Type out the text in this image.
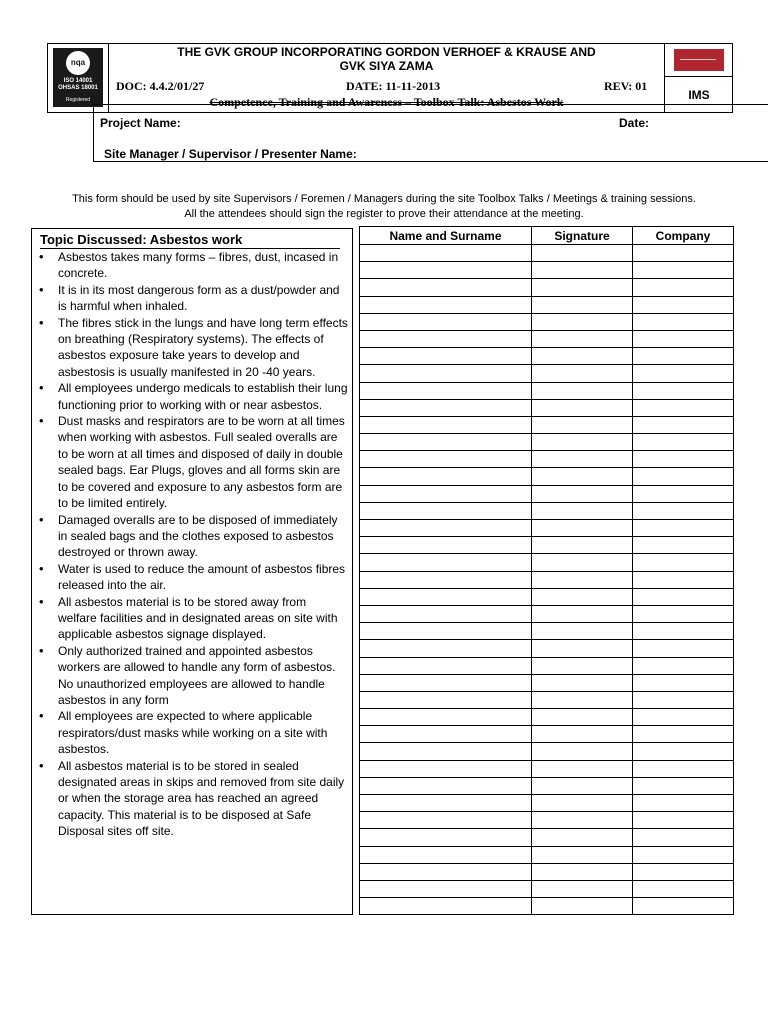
nqa
ISO 14001
OHSAS 18001
Registered
THE GVK GROUP INCORPORATING GORDON VERHOEF & KRAUSE AND
GVK SIYA ZAMA
IMS
DOC: 4.4.2/01/27	DATE: 11-11-2013	REV: 01
Competence, Training and Awareness – Toolbox Talk: Asbestos Work
Project Name:	Date:
Site Manager / Supervisor / Presenter Name:
This form should be used by site Supervisors / Foremen / Managers during the site Toolbox Talks / Meetings & training sessions.
All the attendees should sign the register to prove their attendance at the meeting.
Topic Discussed: Asbestos work
• Asbestos takes many forms – fibres, dust, incased in concrete.
• It is in its most dangerous form as a dust/powder and is harmful when inhaled.
• The fibres stick in the lungs and have long term effects on breathing (Respiratory systems). The effects of asbestos exposure take years to develop and asbestosis is usually manifested in 20 -40 years.
• All employees undergo medicals to establish their lung functioning prior to working with or near asbestos.
• Dust masks and respirators are to be worn at all times when working with asbestos. Full sealed overalls are to be worn at all times and disposed of daily in double sealed bags. Ear Plugs, gloves and all forms skin are to be covered and exposure to any asbestos form are to be limited entirely.
• Damaged overalls are to be disposed of immediately in sealed bags and the clothes exposed to asbestos destroyed or thrown away.
• Water is used to reduce the amount of asbestos fibres released into the air.
• All asbestos material is to be stored away from welfare facilities and in designated areas on site with applicable asbestos signage displayed.
• Only authorized trained and appointed asbestos workers are allowed to handle any form of asbestos. No unauthorized employees are allowed to handle asbestos in any form
• All employees are expected to where applicable respirators/dust masks while working on a site with asbestos.
• All asbestos material is to be stored in sealed designated areas in skips and removed from site daily or when the storage area has reached an agreed capacity. This material is to be disposed at Safe Disposal sites off site.
Name and Surname	Signature	Company
